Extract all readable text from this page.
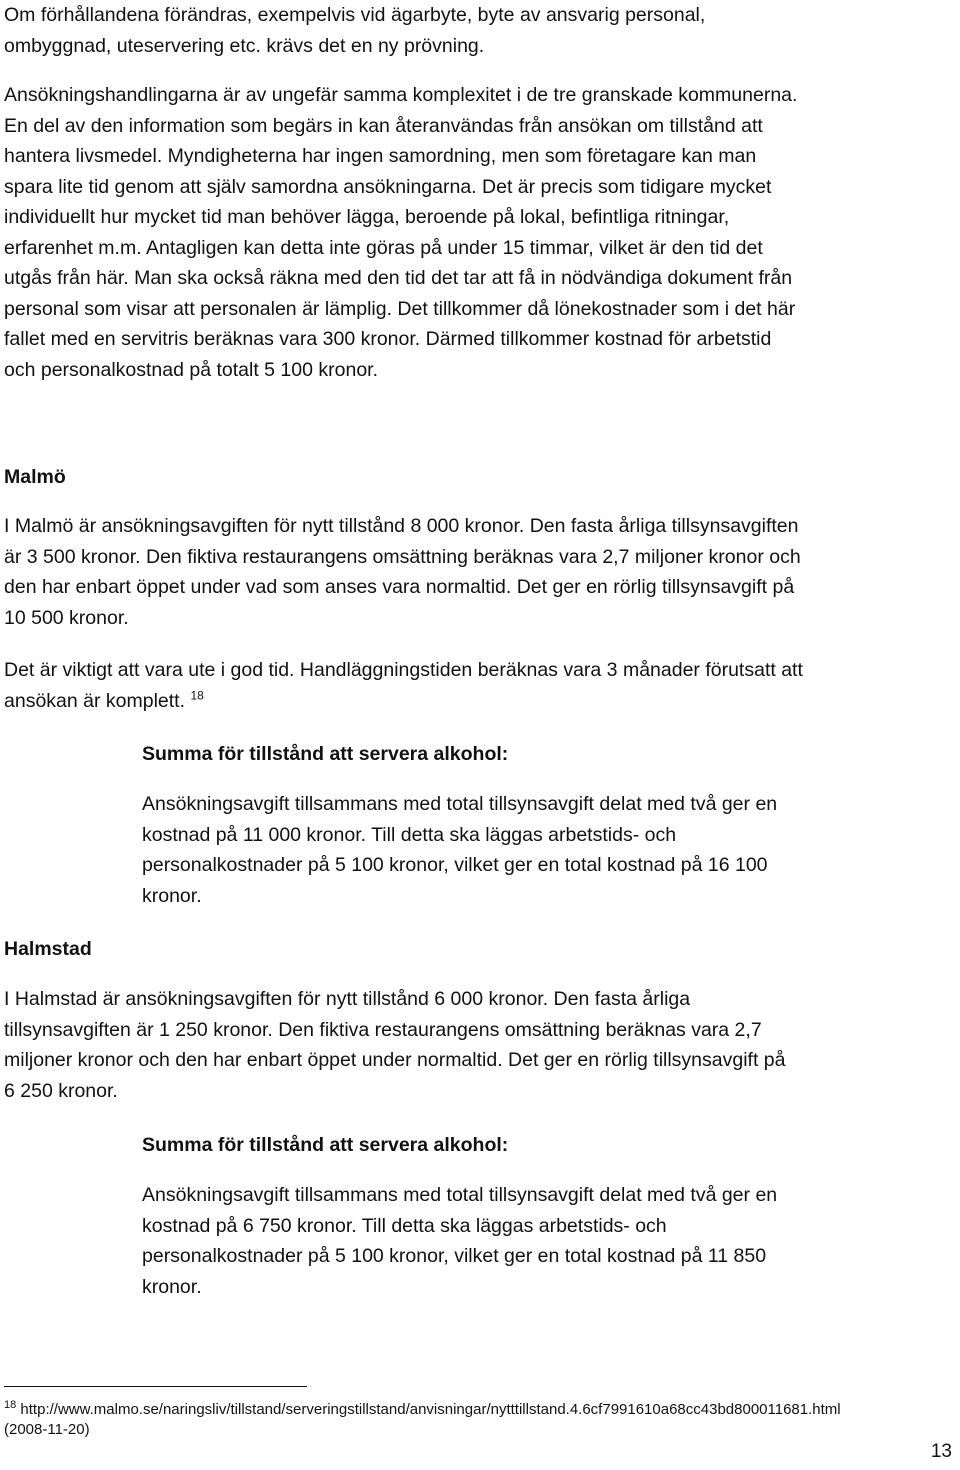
Om förhållandena förändras, exempelvis vid ägarbyte, byte av ansvarig personal,
ombyggnad, uteservering etc. krävs det en ny prövning.

Ansökningshandlingarna är av ungefär samma komplexitet i de tre granskade kommunerna.
En del av den information som begärs in kan återanvändas från ansökan om tillstånd att
hantera livsmedel. Myndigheterna har ingen samordning, men som företagare kan man
spara lite tid genom att själv samordna ansökningarna. Det är precis som tidigare mycket
individuellt hur mycket tid man behöver lägga, beroende på lokal, befintliga ritningar,
erfarenhet m.m. Antagligen kan detta inte göras på under 15 timmar, vilket är den tid det
utgås från här. Man ska också räkna med den tid det tar att få in nödvändiga dokument från
personal som visar att personalen är lämplig. Det tillkommer då lönekostnader som i det här
fallet med en servitris beräknas vara 300 kronor. Därmed tillkommer kostnad för arbetstid
och personalkostnad på totalt 5 100 kronor.

Malmö

I Malmö är ansökningsavgiften för nytt tillstånd 8 000 kronor. Den fasta årliga tillsynsavgiften
är 3 500 kronor. Den fiktiva restaurangens omsättning beräknas vara 2,7 miljoner kronor och
den har enbart öppet under vad som anses vara normaltid. Det ger en rörlig tillsynsavgift på
10 500 kronor.

Det är viktigt att vara ute i god tid. Handläggningstiden beräknas vara 3 månader förutsatt att
ansökan är komplett. $^{18}$

Summa för tillstånd att servera alkohol:

Ansökningsavgift tillsammans med total tillsynsavgift delat med två ger en
kostnad på 11 000 kronor. Till detta ska läggas arbetstids- och
personalkostnader på 5 100 kronor, vilket ger en total kostnad på 16 100
kronor.

Halmstad

I Halmstad är ansökningsavgiften för nytt tillstånd 6 000 kronor. Den fasta årliga
tillsynsavgiften är 1 250 kronor. Den fiktiva restaurangens omsättning beräknas vara 2,7
miljoner kronor och den har enbart öppet under normaltid. Det ger en rörlig tillsynsavgift på
6 250 kronor.

Summa för tillstånd att servera alkohol:

Ansökningsavgift tillsammans med total tillsynsavgift delat med två ger en
kostnad på 6 750 kronor. Till detta ska läggas arbetstids- och
personalkostnader på 5 100 kronor, vilket ger en total kostnad på 11 850
kronor.

$^{18}$ http://www.malmo.se/naringsliv/tillstand/serveringstillstand/anvisningar/nytttillstand.4.6cf7991610a68cc43bd800011681.html
(2008-11-20)

13
